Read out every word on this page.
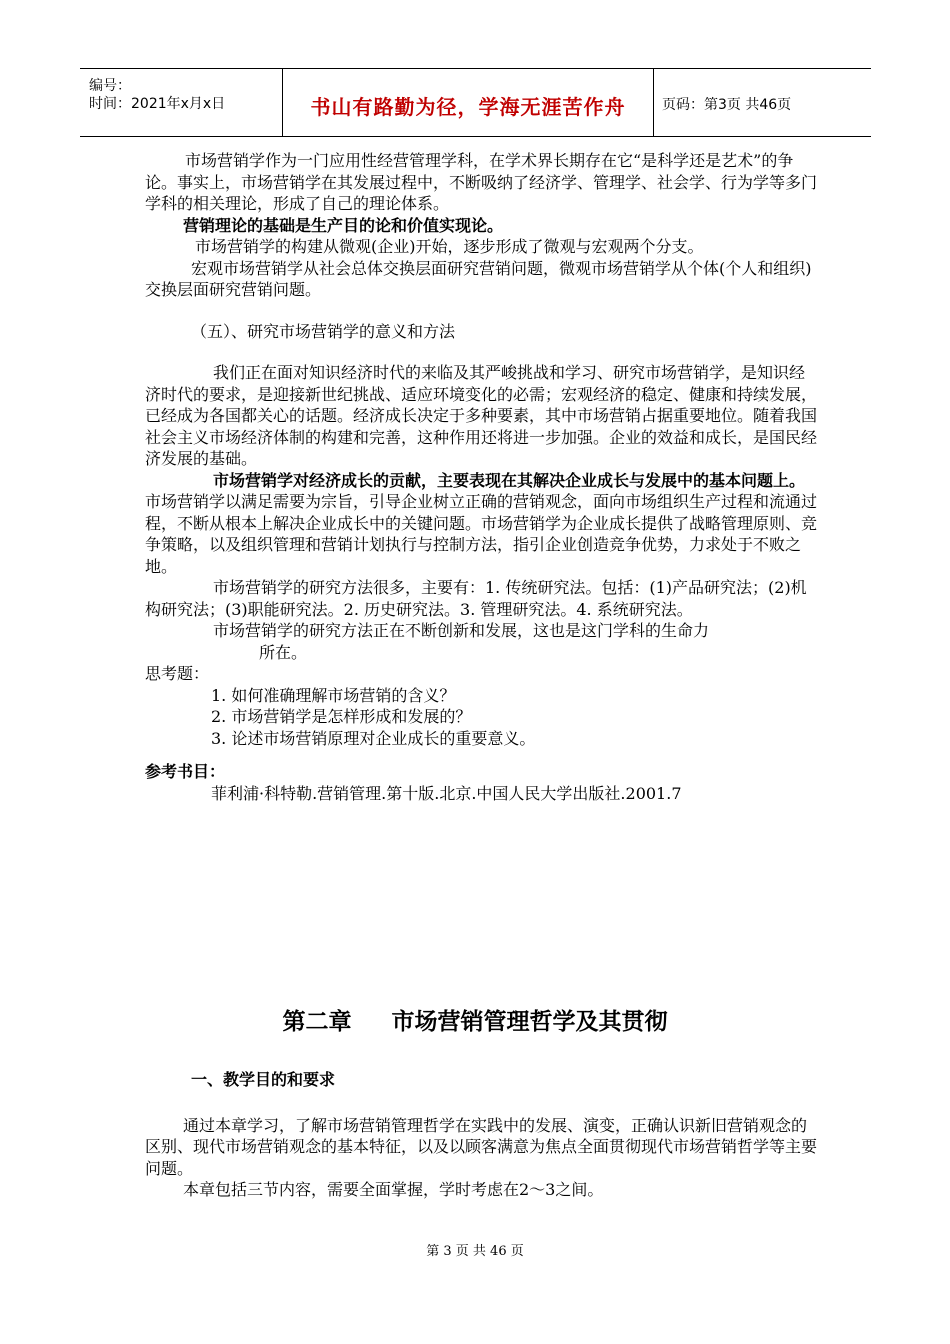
编号：
时间：2021年x月x日	书山有路勤为径，学海无涯苦作舟	页码：第3页 共46页

市场营销学作为一门应用性经营管理学科，在学术界长期存在它“是科学还是艺术”的争论。事实上，市场营销学在其发展过程中，不断吸纳了经济学、管理学、社会学、行为学等多门学科的相关理论，形成了自己的理论体系。

营销理论的基础是生产目的论和价值实现论。

市场营销学的构建从微观(企业)开始，逐步形成了微观与宏观两个分支。

宏观市场营销学从社会总体交换层面研究营销问题，微观市场营销学从个体(个人和组织)交换层面研究营销问题。

（五）、研究市场营销学的意义和方法

我们正在面对知识经济时代的来临及其严峻挑战和学习、研究市场营销学，是知识经济时代的要求，是迎接新世纪挑战、适应环境变化的必需；宏观经济的稳定、健康和持续发展，已经成为各国都关心的话题。经济成长决定于多种要素，其中市场营销占据重要地位。随着我国社会主义市场经济体制的构建和完善，这种作用还将进一步加强。企业的效益和成长，是国民经济发展的基础。

市场营销学对经济成长的贡献，主要表现在其解决企业成长与发展中的基本问题上。市场营销学以满足需要为宗旨，引导企业树立正确的营销观念，面向市场组织生产过程和流通过程，不断从根本上解决企业成长中的关键问题。市场营销学为企业成长提供了战略管理原则、竞争策略，以及组织管理和营销计划执行与控制方法，指引企业创造竞争优势，力求处于不败之地。

市场营销学的研究方法很多，主要有：1. 传统研究法。包括：(1)产品研究法；(2)机构研究法；(3)职能研究法。2. 历史研究法。3. 管理研究法。4. 系统研究法。

市场营销学的研究方法正在不断创新和发展，这也是这门学科的生命力

所在。

思考题：

1. 如何准确理解市场营销的含义？

2. 市场营销学是怎样形成和发展的？

3. 论述市场营销原理对企业成长的重要意义。

参考书目：

菲利浦·科特勒.营销管理.第十版.北京.中国人民大学出版社.2001.7

第二章 市场营销管理哲学及其贯彻

一、教学目的和要求

通过本章学习，了解市场营销管理哲学在实践中的发展、演变，正确认识新旧营销观念的区别、现代市场营销观念的基本特征，以及以顾客满意为焦点全面贯彻现代市场营销哲学等主要问题。

本章包括三节内容，需要全面掌握，学时考虑在2～3之间。

第 3 页 共 46 页
